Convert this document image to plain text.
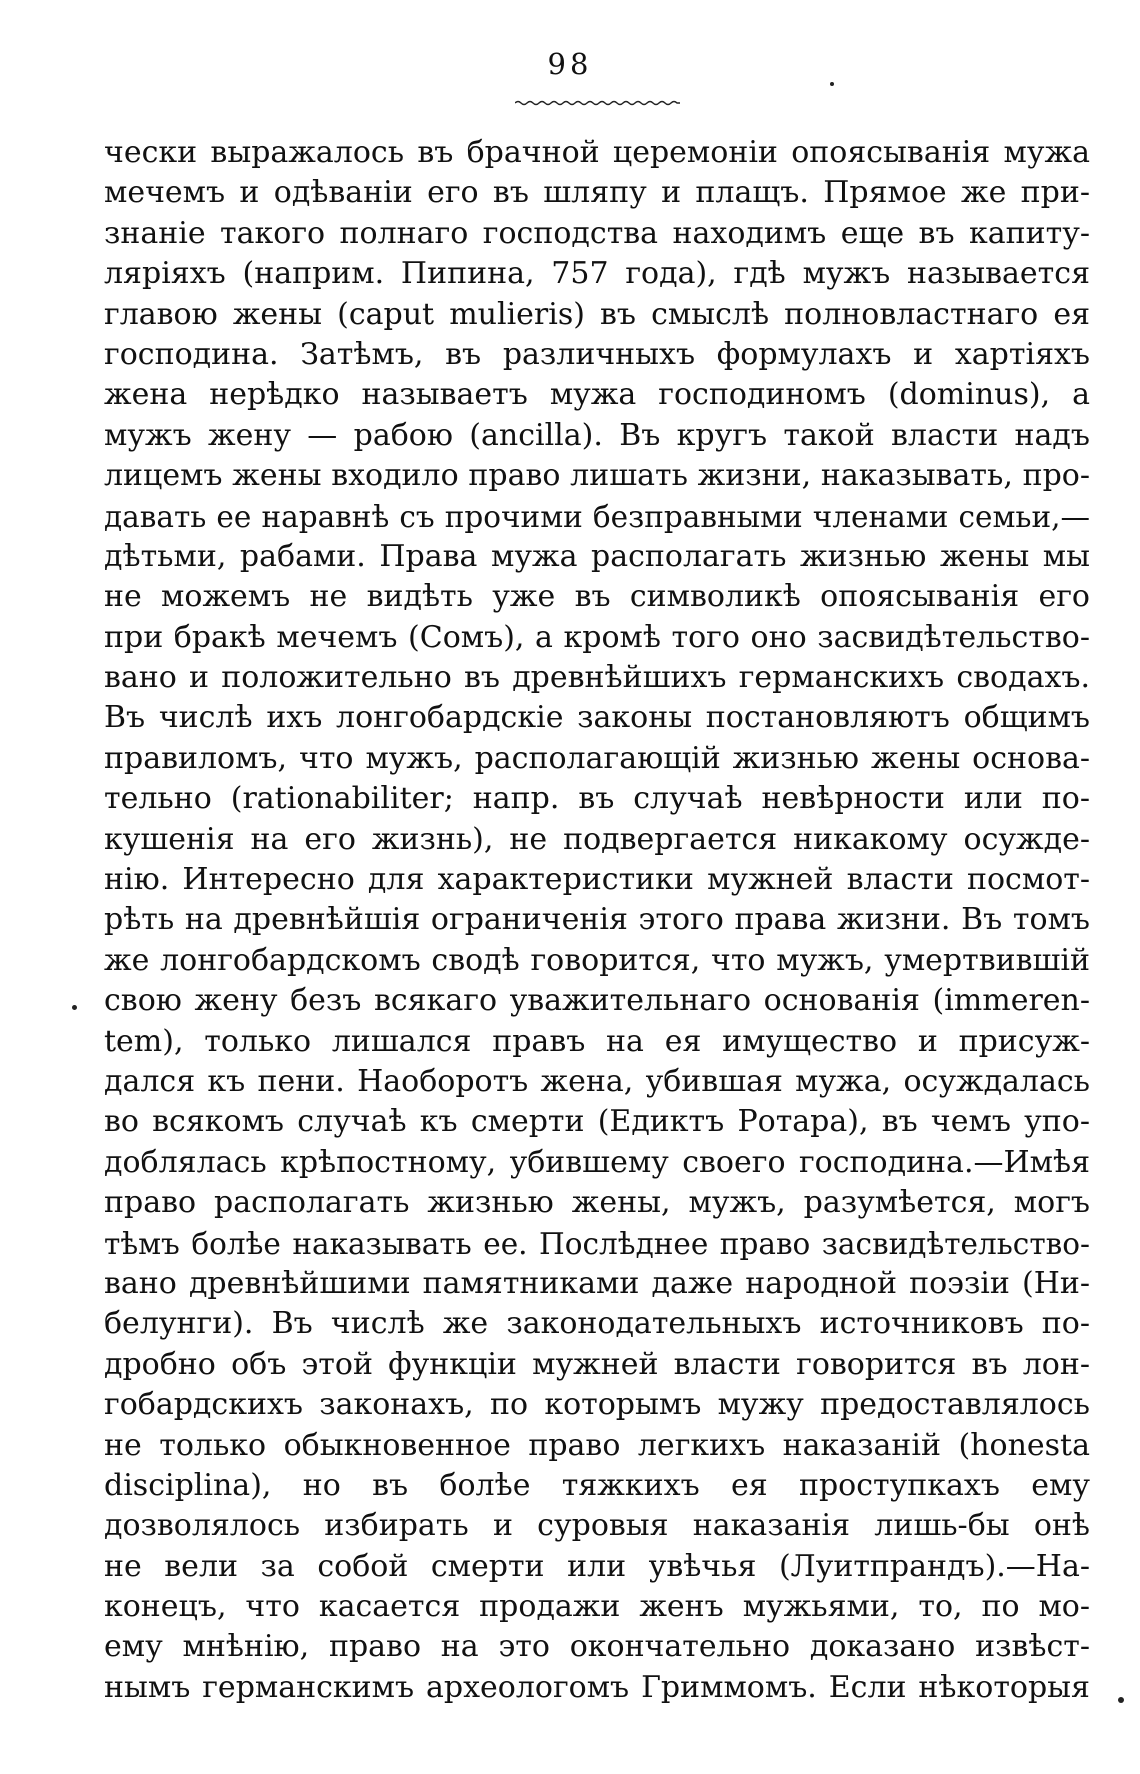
98
чески выражалось въ брачной церемоніи опоясыванія мужа
мечемъ и одѣваніи его въ шляпу и плащъ. Прямое же при-
знаніе такого полнаго господства находимъ еще въ капиту-
ляріяхъ (наприм. Пипина, 757 года), гдѣ мужъ называется
главою жены (caput mulieris) въ смыслѣ полновластнаго ея
господина. Затѣмъ, въ различныхъ формулахъ и хартіяхъ
жена нерѣдко называетъ мужа господиномъ (dominus), а
мужъ жену — рабою (ancilla). Въ кругъ такой власти надъ
лицемъ жены входило право лишать жизни, наказывать, про-
давать ее наравнѣ съ прочими безправными членами семьи,—
дѣтьми, рабами. Права мужа располагать жизнью жены мы
не можемъ не видѣть уже въ символикѣ опоясыванія его
при бракѣ мечемъ (Сомъ), а кромѣ того оно засвидѣтельство-
вано и положительно въ древнѣйшихъ германскихъ сводахъ.
Въ числѣ ихъ лонгобардскіе законы постановляютъ общимъ
правиломъ, что мужъ, располагающій жизнью жены основа-
тельно (rationabiliter; напр. въ случаѣ невѣрности или по-
кушенія на его жизнь), не подвергается никакому осужде-
нію. Интересно для характеристики мужней власти посмот-
рѣть на древнѣйшія ограниченія этого права жизни. Въ томъ
же лонгобардскомъ сводѣ говорится, что мужъ, умертвившій
свою жену безъ всякаго уважительнаго основанія (immeren-
tem), только лишался правъ на ея имущество и присуж-
дался къ пени. Наоборотъ жена, убившая мужа, осуждалась
во всякомъ случаѣ къ смерти (Едиктъ Ротара), въ чемъ упо-
доблялась крѣпостному, убившему своего господина.—Имѣя
право располагать жизнью жены, мужъ, разумѣется, могъ
тѣмъ болѣе наказывать ее. Послѣднее право засвидѣтельство-
вано древнѣйшими памятниками даже народной поэзіи (Ни-
белунги). Въ числѣ же законодательныхъ источниковъ по-
дробно объ этой функціи мужней власти говорится въ лон-
гобардскихъ законахъ, по которымъ мужу предоставлялось
не только обыкновенное право легкихъ наказаній (honesta
disciplina), но въ болѣе тяжкихъ ея проступкахъ ему
дозволялось избирать и суровыя наказанія лишь-бы онѣ
не вели за собой смерти или увѣчья (Луитпрандъ).—На-
конецъ, что касается продажи женъ мужьями, то, по мо-
ему мнѣнію, право на это окончательно доказано извѣст-
нымъ германскимъ археологомъ Гриммомъ. Если нѣкоторыя
